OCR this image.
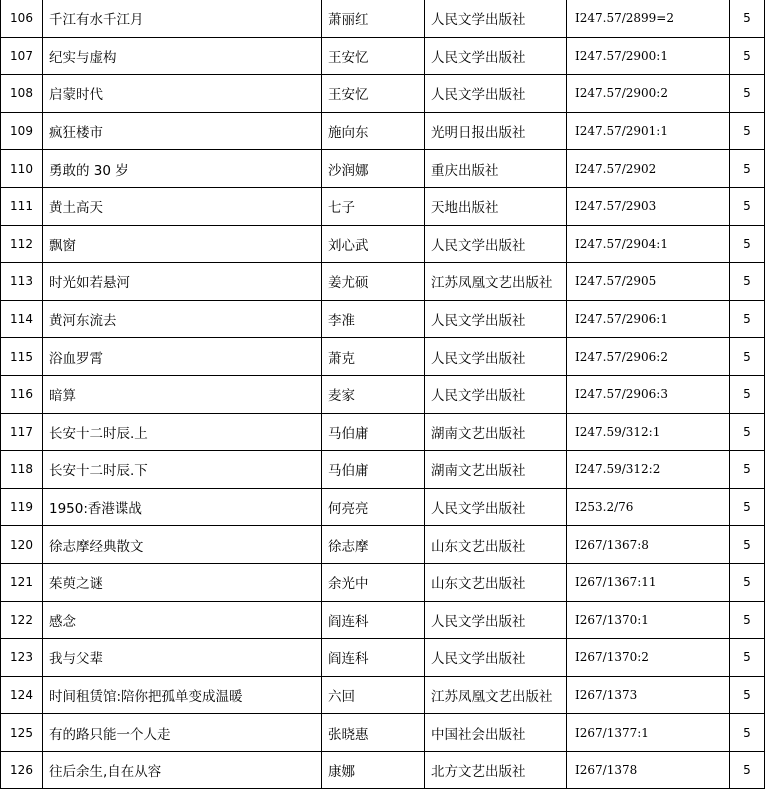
106	千江有水千江月	萧丽红	人民文学出版社	I247.57/2899=2	5
107	纪实与虚构	王安忆	人民文学出版社	I247.57/2900:1	5
108	启蒙时代	王安忆	人民文学出版社	I247.57/2900:2	5
109	疯狂楼市	施向东	光明日报出版社	I247.57/2901:1	5
110	勇敢的 30 岁	沙润娜	重庆出版社	I247.57/2902	5
111	黄土高天	七子	天地出版社	I247.57/2903	5
112	飘窗	刘心武	人民文学出版社	I247.57/2904:1	5
113	时光如若悬河	姜尤硕	江苏凤凰文艺出版社	I247.57/2905	5
114	黄河东流去	李准	人民文学出版社	I247.57/2906:1	5
115	浴血罗霄	萧克	人民文学出版社	I247.57/2906:2	5
116	暗算	麦家	人民文学出版社	I247.57/2906:3	5
117	长安十二时辰.上	马伯庸	湖南文艺出版社	I247.59/312:1	5
118	长安十二时辰.下	马伯庸	湖南文艺出版社	I247.59/312:2	5
119	1950:香港谍战	何亮亮	人民文学出版社	I253.2/76	5
120	徐志摩经典散文	徐志摩	山东文艺出版社	I267/1367:8	5
121	茱萸之谜	余光中	山东文艺出版社	I267/1367:11	5
122	感念	阎连科	人民文学出版社	I267/1370:1	5
123	我与父辈	阎连科	人民文学出版社	I267/1370:2	5
124	时间租赁馆:陪你把孤单变成温暖	六回	江苏凤凰文艺出版社	I267/1373	5
125	有的路只能一个人走	张晓惠	中国社会出版社	I267/1377:1	5
126	往后余生,自在从容	康娜	北方文艺出版社	I267/1378	5
